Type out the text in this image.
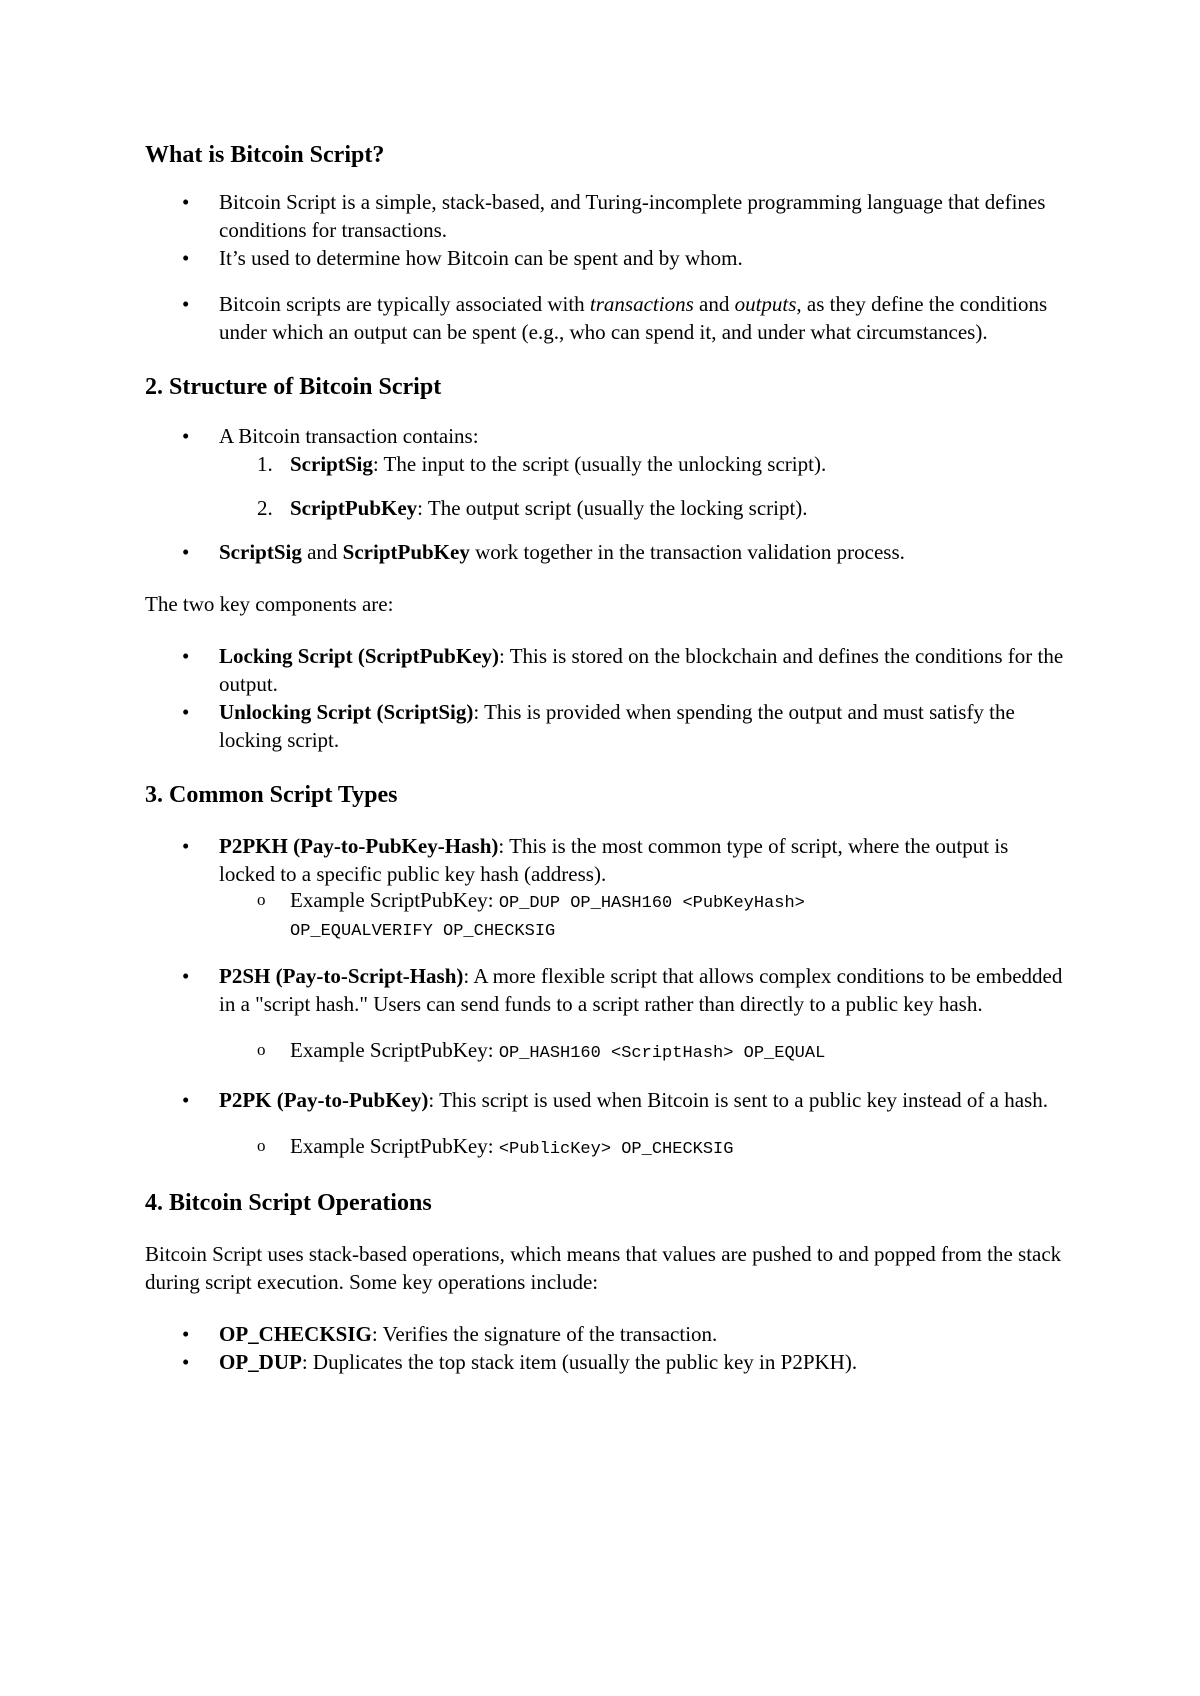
What is Bitcoin Script?
• Bitcoin Script is a simple, stack-based, and Turing-incomplete programming language that defines conditions for transactions.
• It’s used to determine how Bitcoin can be spent and by whom.
• Bitcoin scripts are typically associated with transactions and outputs, as they define the conditions under which an output can be spent (e.g., who can spend it, and under what circumstances).
2. Structure of Bitcoin Script
• A Bitcoin transaction contains:
1. ScriptSig: The input to the script (usually the unlocking script).
2. ScriptPubKey: The output script (usually the locking script).
• ScriptSig and ScriptPubKey work together in the transaction validation process.

The two key components are:

• Locking Script (ScriptPubKey): This is stored on the blockchain and defines the conditions for the output.
• Unlocking Script (ScriptSig): This is provided when spending the output and must satisfy the locking script.
3. Common Script Types
• P2PKH (Pay-to-PubKey-Hash): This is the most common type of script, where the output is locked to a specific public key hash (address).
o Example ScriptPubKey: OP_DUP OP_HASH160 <PubKeyHash>
OP_EQUALVERIFY OP_CHECKSIG
• P2SH (Pay-to-Script-Hash): A more flexible script that allows complex conditions to be embedded in a "script hash." Users can send funds to a script rather than directly to a public key hash.
o Example ScriptPubKey: OP_HASH160 <ScriptHash> OP_EQUAL
• P2PK (Pay-to-PubKey): This script is used when Bitcoin is sent to a public key instead of a hash.
o Example ScriptPubKey: <PublicKey> OP_CHECKSIG
4. Bitcoin Script Operations

Bitcoin Script uses stack-based operations, which means that values are pushed to and popped from the stack during script execution. Some key operations include:

• OP_CHECKSIG: Verifies the signature of the transaction.
• OP_DUP: Duplicates the top stack item (usually the public key in P2PKH).
